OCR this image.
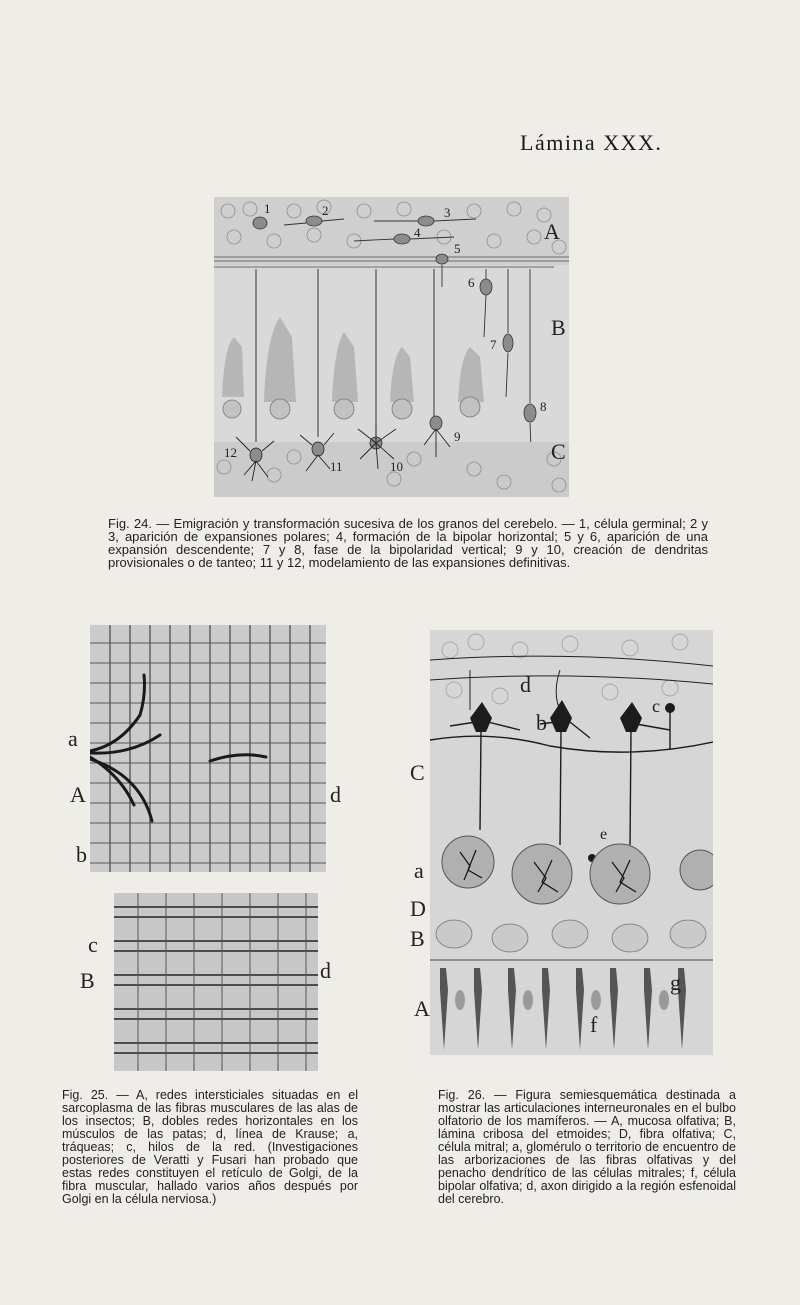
Lámina XXX.
A
B
C
1	2	3
4
5
6
7
8
9
10
11
12

Fig. 24. — Emigración y transformación sucesiva de los granos del cerebelo. — 1, célula germinal; 2 y 3, aparición de expansiones polares; 4, formación de la bipolar horizontal; 5 y 6, aparición de una expansión descendente; 7 y 8, fase de la bipolaridad vertical; 9 y 10, creación de dendritas provisionales o de tanteo; 11 y 12, modelamiento de las expansiones definitivas.

a
A
b
d
c
B	d

Fig. 25. — A, redes intersticiales situadas en el sarcoplasma de las fibras musculares de las alas de los insectos; B, dobles redes horizontales en los músculos de las patas; d, línea de Krause; a, tráqueas; c, hilos de la red. (Investigaciones posteriores de Veratti y Fusari han probado que estas redes constituyen el retículo de Golgi, de la fibra muscular, hallado varios años después por Golgi en la célula nerviosa.)

d
b
c
e
f
g
C
a
D
B
A

Fig. 26. — Figura semiesquemática destinada a mostrar las articulaciones interneuronales en el bulbo olfatorio de los mamíferos. — A, mucosa olfativa; B, lámina cribosa del etmoides; D, fibra olfativa; C, célula mitral; a, glomérulo o territorio de encuentro de las arborizaciones de las fibras olfativas y del penacho dendrítico de las células mitrales; f, célula bipolar olfativa; d, axon dirigido a la región esfenoidal del cerebro.
